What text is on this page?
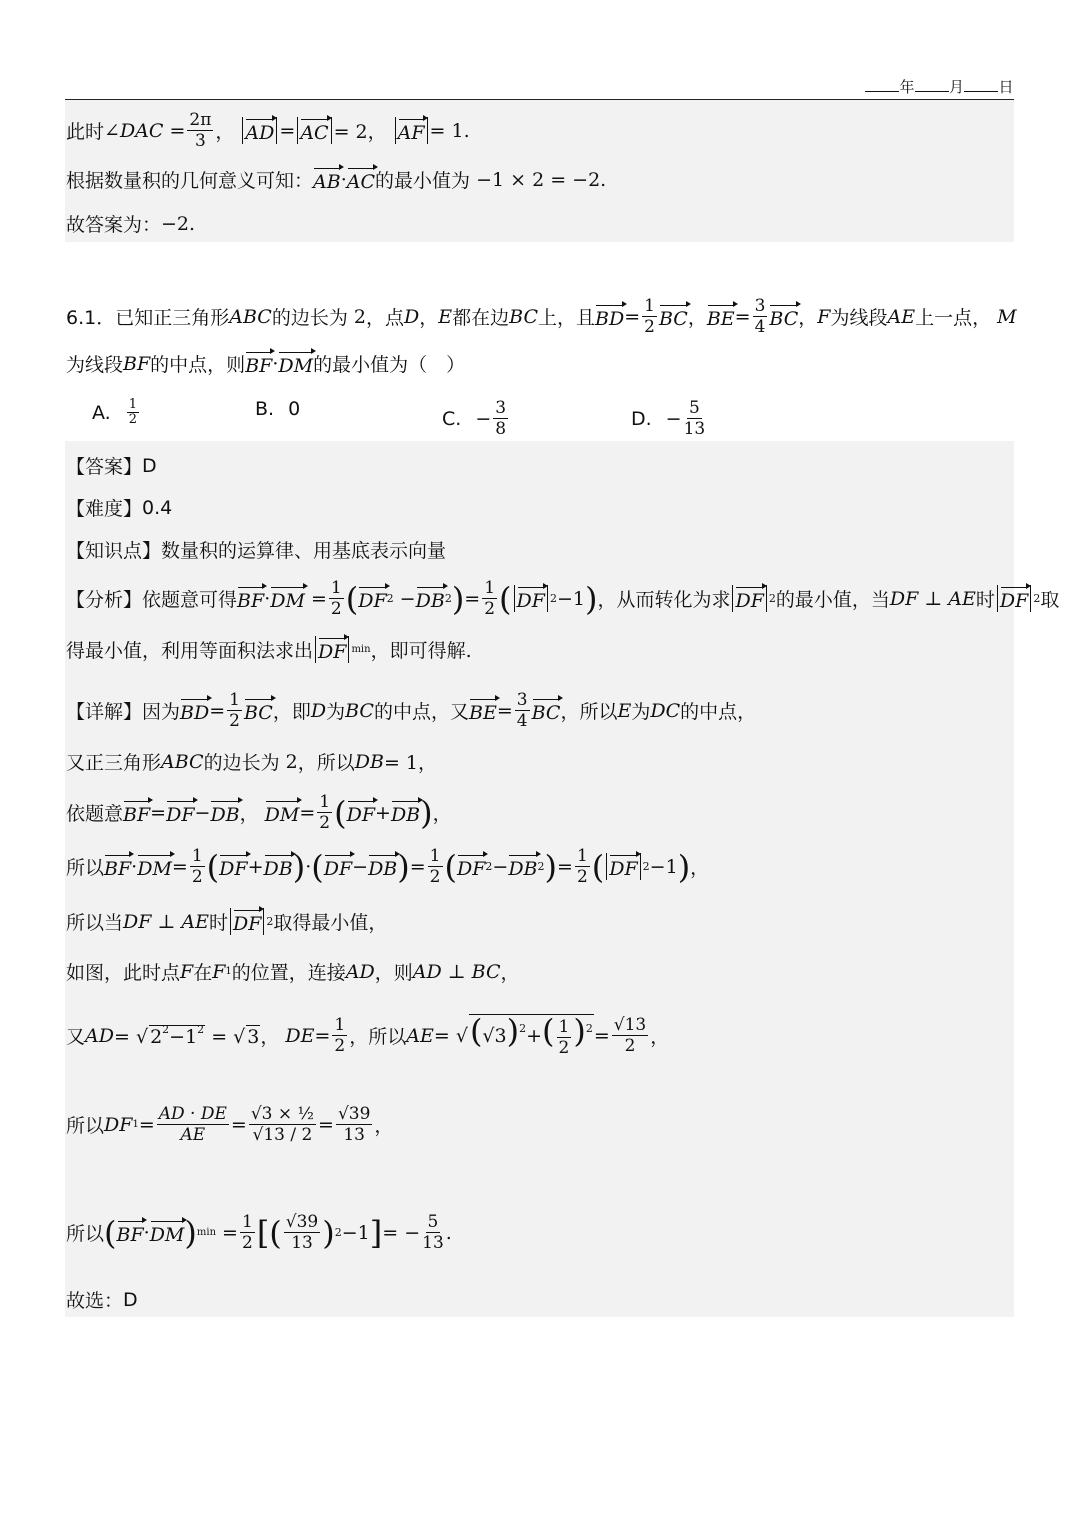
年 月 日
此时 ∠DAC = $\frac{2\pi}{3}$ ， AD = AC = 2， AF = 1.
根据数量积的几何意义可知： AB · AC 的最小值为 −1 × 2 = −2.
故答案为： −2.
6.1． 已知正三角形 ABC 的边长为 2 ，点 D ， E 都在边 BC 上，且 BD = $\frac{1}{2}$ BC ， BE = $\frac{3}{4}$ BC ， F 为线段 AE 上一点， M
为线段 BF 的中点，则 BF · DM 的最小值为（　）
A. $\frac{1}{2}$	B. 0	C. − $\frac{3}{8}$	D. − $\frac{5}{13}$
【答案】 D
【难度】 0.4
【知识点】 数量积的运算律、用基底表示向量
【分析】 依题意可得 BF · DM = $\frac{1}{2}$ ( DF 2 − DB 2 ) = $\frac{1}{2}$ ( DF 2 −1 ) ，从而转化为求 DF 2 的最小值，当 DF ⊥ AE 时 DF 2 取
得最小值，利用等面积法求出 DF min ，即可得解.
【详解】 因为 BD = $\frac{1}{2}$ BC ，即 D 为 BC 的中点，又 BE = $\frac{3}{4}$ BC ，所以 E 为 DC 的中点，
又正三角形 ABC 的边长为 2 ，所以 DB = 1，
依题意 BF = DF − DB ， DM = $\frac{1}{2}$ ( DF + DB ) ，
所以 BF · DM = $\frac{1}{2}$ ( DF + DB ) · ( DF − DB ) = $\frac{1}{2}$ ( DF 2 − DB 2 ) = $\frac{1}{2}$ ( DF 2 −1 ) ，
所以当 DF ⊥ AE 时 DF 2 取得最小值，
如图，此时点 F 在 F 1 的位置，连接 AD ，则 AD ⊥ BC ，
又 AD = √ $2^2-1^2$ = √ 3， DE = $\frac{1}{2}$ ，所以 AE = √ $(√3)^2+( \frac{1}{2} )^2 = \frac{√13}{2}$ ，
所以 DF $1 = \frac{AD \cdot DE}{AE} = \frac{\text{√3 × ½}}{√13 / 2} = \frac{√39}{13}$ ，
所以 ( BF · DM ) $\min = \frac{1}{2}$ [ ( $\frac{√39}{13}$ ) 2 −1 ] = − $\frac{5}{13}$ .
故选： D
